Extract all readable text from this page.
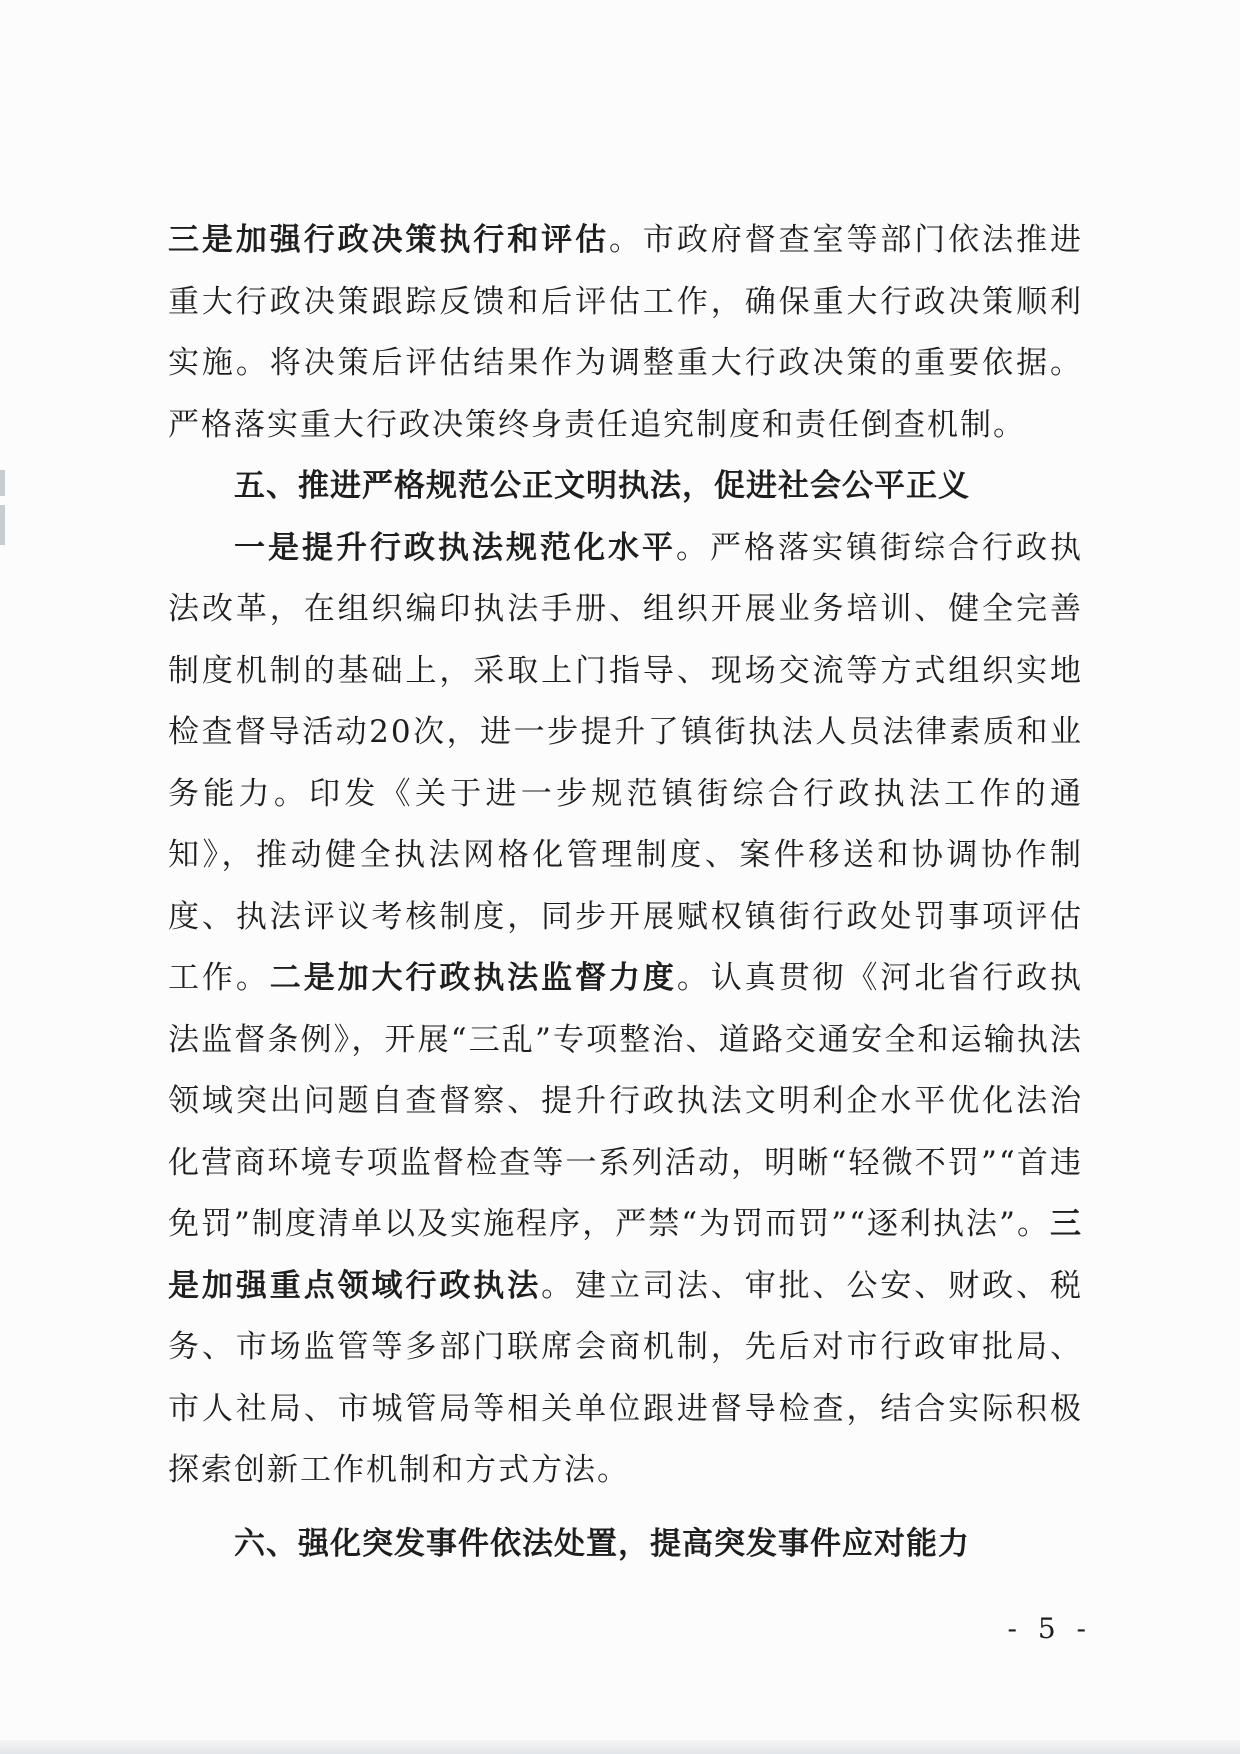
三是加强行政决策执行和评估。市政府督查室等部门依法推进重大行政决策跟踪反馈和后评估工作，确保重大行政决策顺利实施。将决策后评估结果作为调整重大行政决策的重要依据。严格落实重大行政决策终身责任追究制度和责任倒查机制。

五、推进严格规范公正文明执法，促进社会公平正义

一是提升行政执法规范化水平。严格落实镇街综合行政执法改革，在组织编印执法手册、组织开展业务培训、健全完善制度机制的基础上，采取上门指导、现场交流等方式组织实地检查督导活动20次，进一步提升了镇街执法人员法律素质和业务能力。印发《关于进一步规范镇街综合行政执法工作的通知》，推动健全执法网格化管理制度、案件移送和协调协作制度、执法评议考核制度，同步开展赋权镇街行政处罚事项评估工作。二是加大行政执法监督力度。认真贯彻《河北省行政执法监督条例》，开展“三乱”专项整治、道路交通安全和运输执法领域突出问题自查督察、提升行政执法文明利企水平优化法治化营商环境专项监督检查等一系列活动，明晰“轻微不罚”“首违免罚”制度清单以及实施程序，严禁“为罚而罚”“逐利执法”。三是加强重点领域行政执法。建立司法、审批、公安、财政、税务、市场监管等多部门联席会商机制，先后对市行政审批局、市人社局、市城管局等相关单位跟进督导检查，结合实际积极探索创新工作机制和方式方法。

六、强化突发事件依法处置，提高突发事件应对能力

- 5 -
